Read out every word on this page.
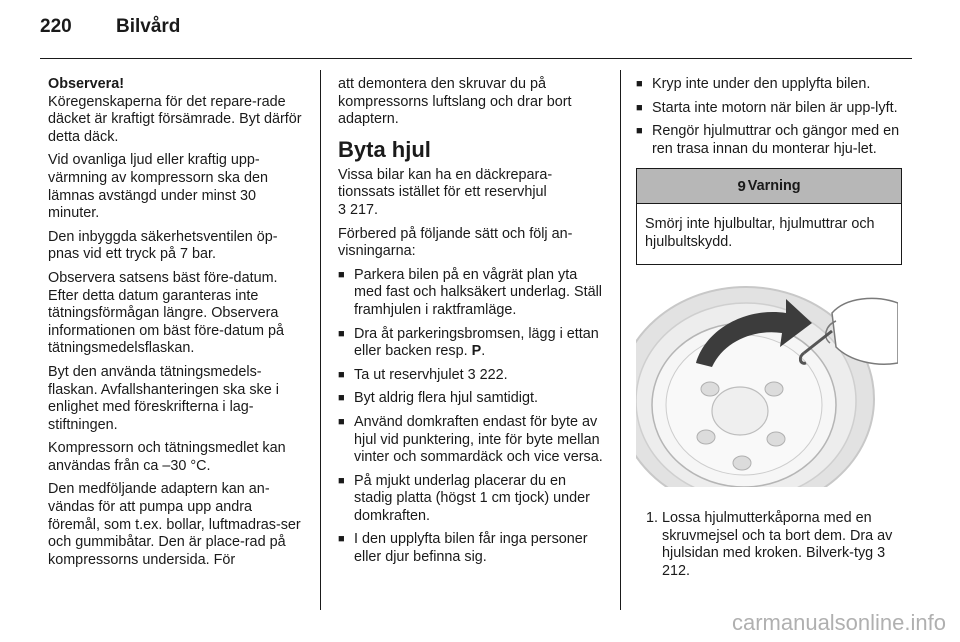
220	Bilvård

Observera!
Köregenskaperna för det repare-rade däcket är kraftigt försämrade. Byt därför detta däck.

Vid ovanliga ljud eller kraftig upp-värmning av kompressorn ska den lämnas avstängd under minst 30 minuter.

Den inbyggda säkerhetsventilen öp-pnas vid ett tryck på 7 bar.

Observera satsens bäst före-datum. Efter detta datum garanteras inte tätningsförmågan längre. Observera informationen om bäst före-datum på tätningsmedelsflaskan.

Byt den använda tätningsmedels-flaskan. Avfallshanteringen ska ske i enlighet med föreskrifterna i lag-stiftningen.

Kompressorn och tätningsmedlet kan användas från ca –30 °C.

Den medföljande adaptern kan an-vändas för att pumpa upp andra föremål, som t.ex. bollar, luftmadras-ser och gummibåtar. Den är place-rad på kompressorns undersida. För

att demontera den skruvar du på kompressorns luftslang och drar bort adaptern.

Byta hjul

Vissa bilar kan ha en däckrepara-tionssats istället för ett reservhjul
3 217.

Förbered på följande sätt och följ an-visningarna:

■ Parkera bilen på en vågrät plan yta med fast och halksäkert underlag. Ställ framhjulen i raktframläge.
■ Dra åt parkeringsbromsen, lägg i ettan eller backen resp. P.
■ Ta ut reservhjulet 3 222.
■ Byt aldrig flera hjul samtidigt.
■ Använd domkraften endast för byte av hjul vid punktering, inte för byte mellan vinter och sommardäck och vice versa.
■ På mjukt underlag placerar du en stadig platta (högst 1 cm tjock) under domkraften.
■ I den upplyfta bilen får inga personer eller djur befinna sig.
■ Kryp inte under den upplyfta bilen.
■ Starta inte motorn när bilen är upp-lyft.
■ Rengör hjulmuttrar och gängor med en ren trasa innan du monterar hju-let.
9 Varning
Smörj inte hjulbultar, hjulmuttrar och hjulbultskydd.
1. Lossa hjulmutterkåporna med en skruvmejsel och ta bort dem. Dra av hjulsidan med kroken. Bilverk-tyg 3 212.
carmanualsonline.info
